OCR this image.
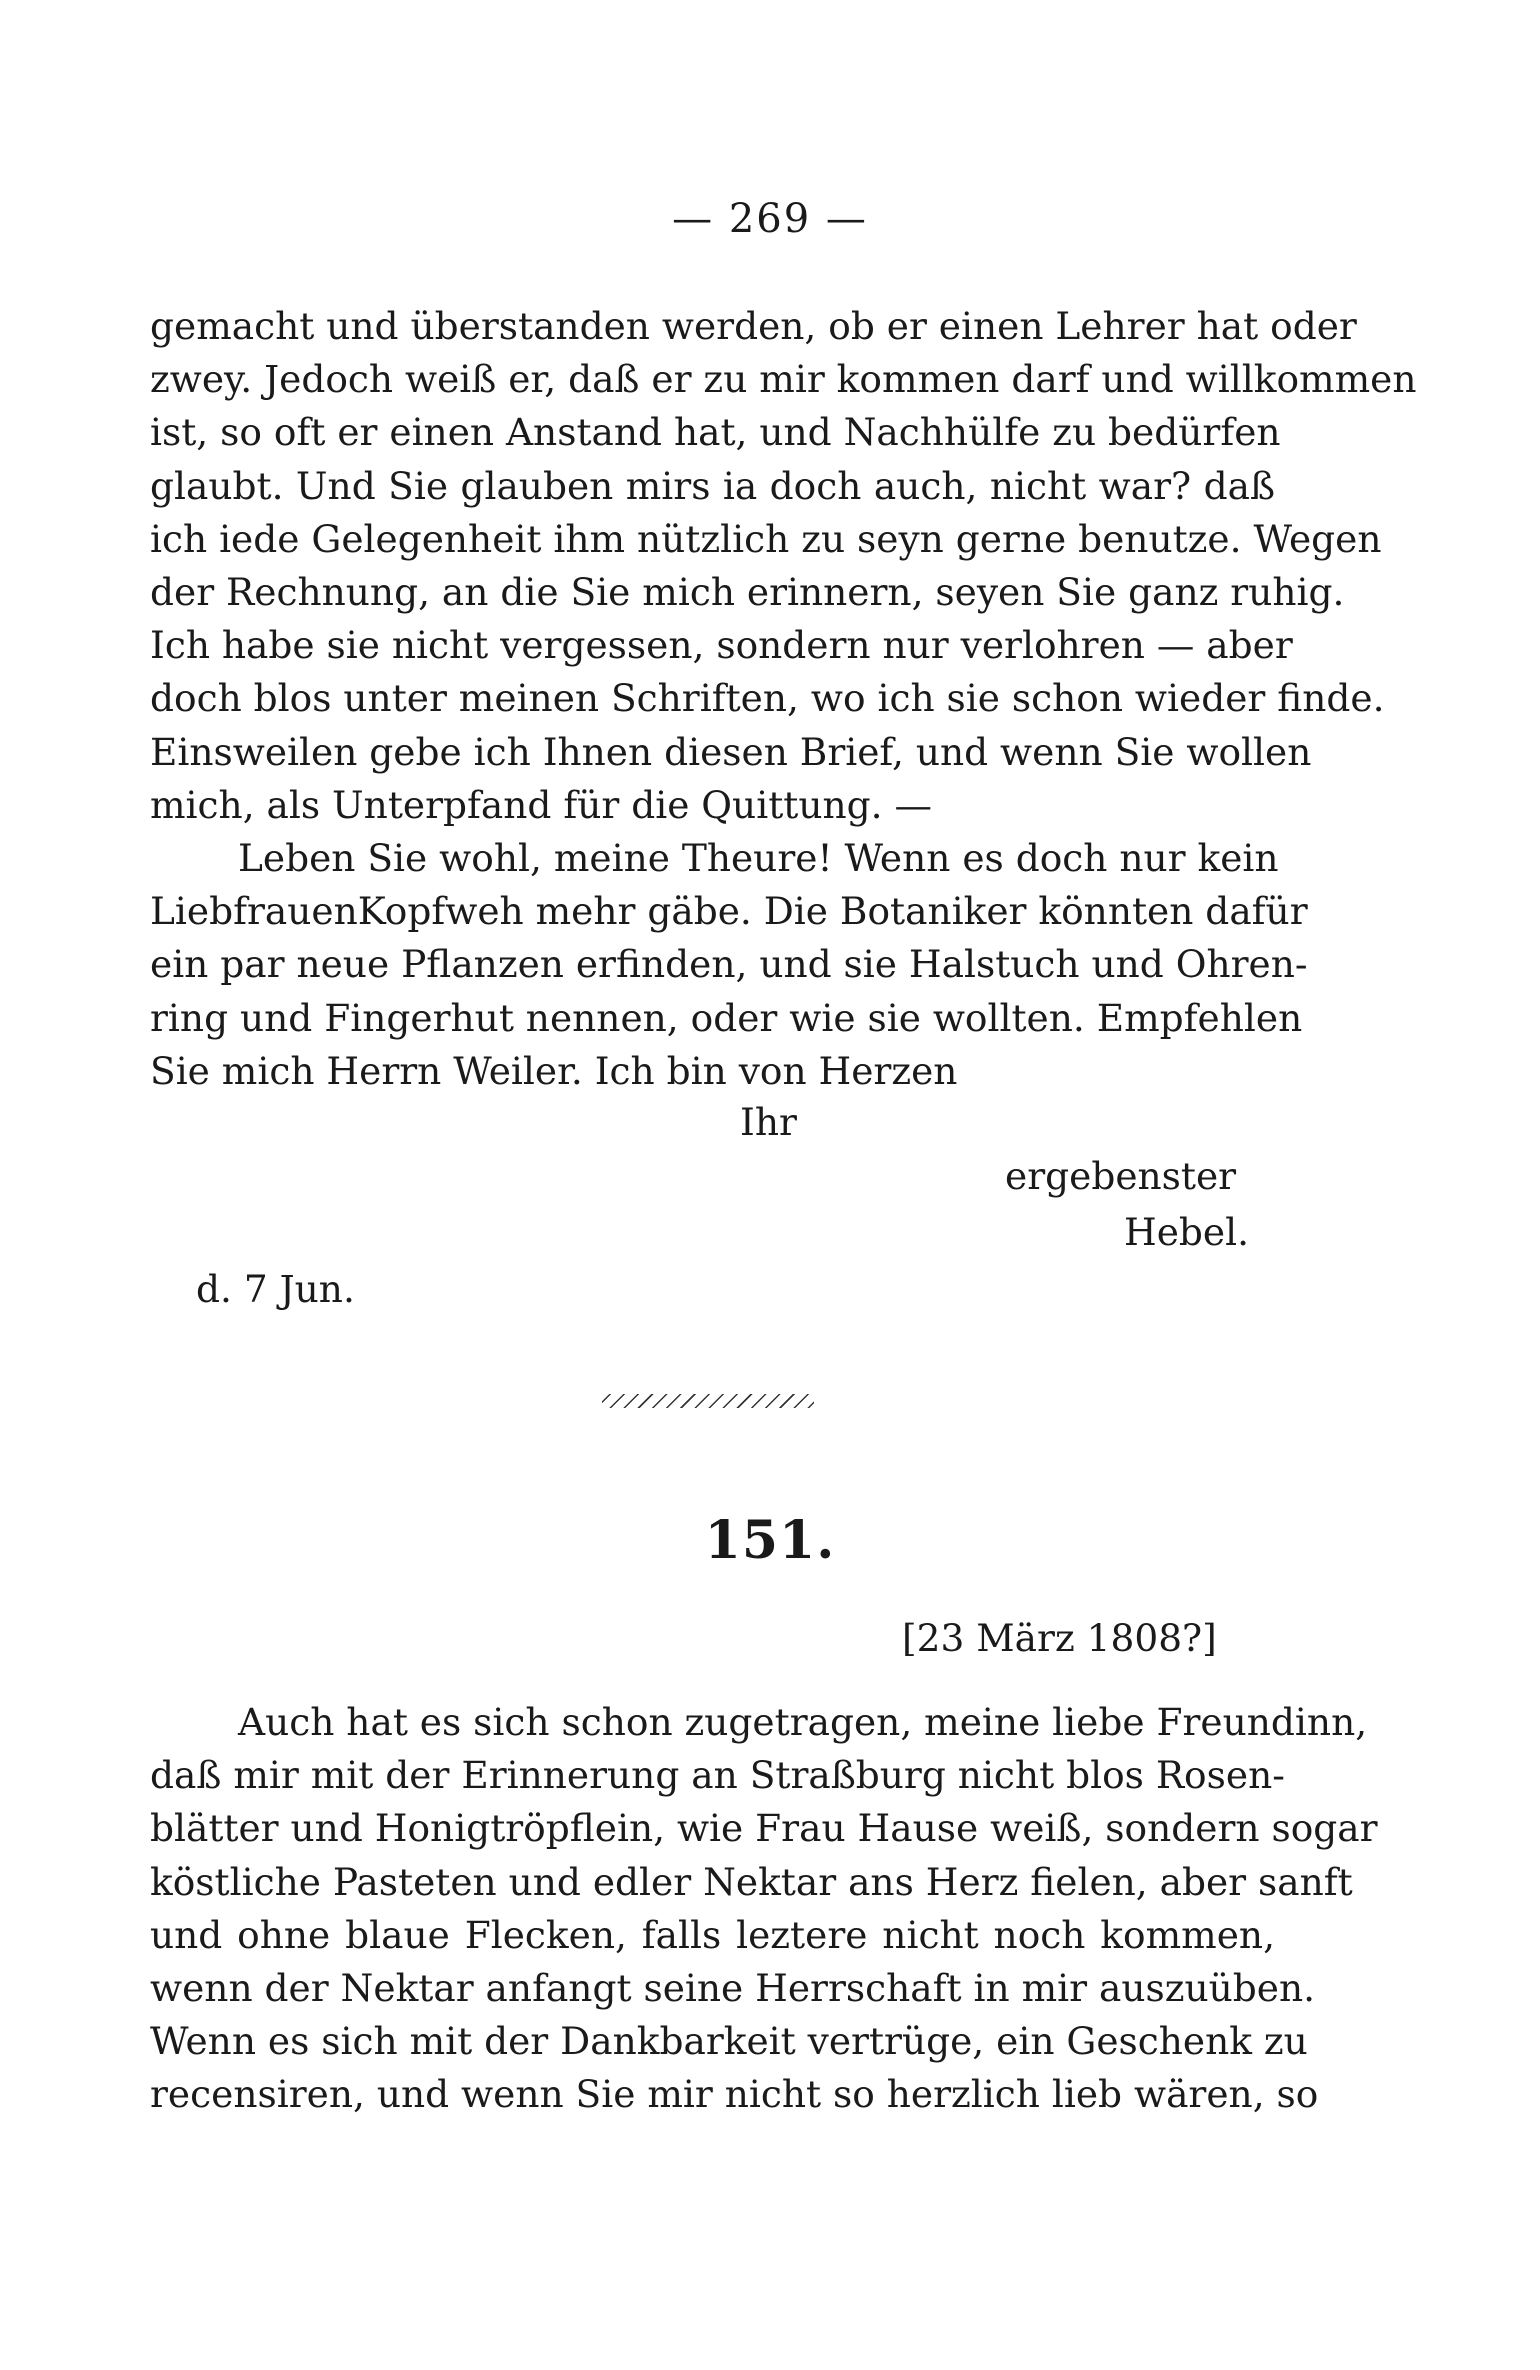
— 269 —

gemacht und überstanden werden, ob er einen Lehrer hat oder
zwey. Jedoch weiß er, daß er zu mir kommen darf und willkommen
ist, so oft er einen Anstand hat, und Nachhülfe zu bedürfen
glaubt. Und Sie glauben mirs ia doch auch, nicht war? daß
ich iede Gelegenheit ihm nützlich zu seyn gerne benutze. Wegen
der Rechnung, an die Sie mich erinnern, seyen Sie ganz ruhig.
Ich habe sie nicht vergessen, sondern nur verlohren — aber
doch blos unter meinen Schriften, wo ich sie schon wieder finde.
Einsweilen gebe ich Ihnen diesen Brief, und wenn Sie wollen
mich, als Unterpfand für die Quittung. —

Leben Sie wohl, meine Theure! Wenn es doch nur kein
LiebfrauenKopfweh mehr gäbe. Die Botaniker könnten dafür
ein par neue Pflanzen erfinden, und sie Halstuch und Ohren-
ring und Fingerhut nennen, oder wie sie wollten. Empfehlen
Sie mich Herrn Weiler. Ich bin von Herzen

Ihr
ergebenster
Hebel.
d. 7 Jun.
151.
[23 März 1808?]

Auch hat es sich schon zugetragen, meine liebe Freundinn,
daß mir mit der Erinnerung an Straßburg nicht blos Rosen-
blätter und Honigtröpflein, wie Frau Hause weiß, sondern sogar
köstliche Pasteten und edler Nektar ans Herz fielen, aber sanft
und ohne blaue Flecken, falls leztere nicht noch kommen,
wenn der Nektar anfangt seine Herrschaft in mir auszuüben.
Wenn es sich mit der Dankbarkeit vertrüge, ein Geschenk zu
recensiren, und wenn Sie mir nicht so herzlich lieb wären, so
